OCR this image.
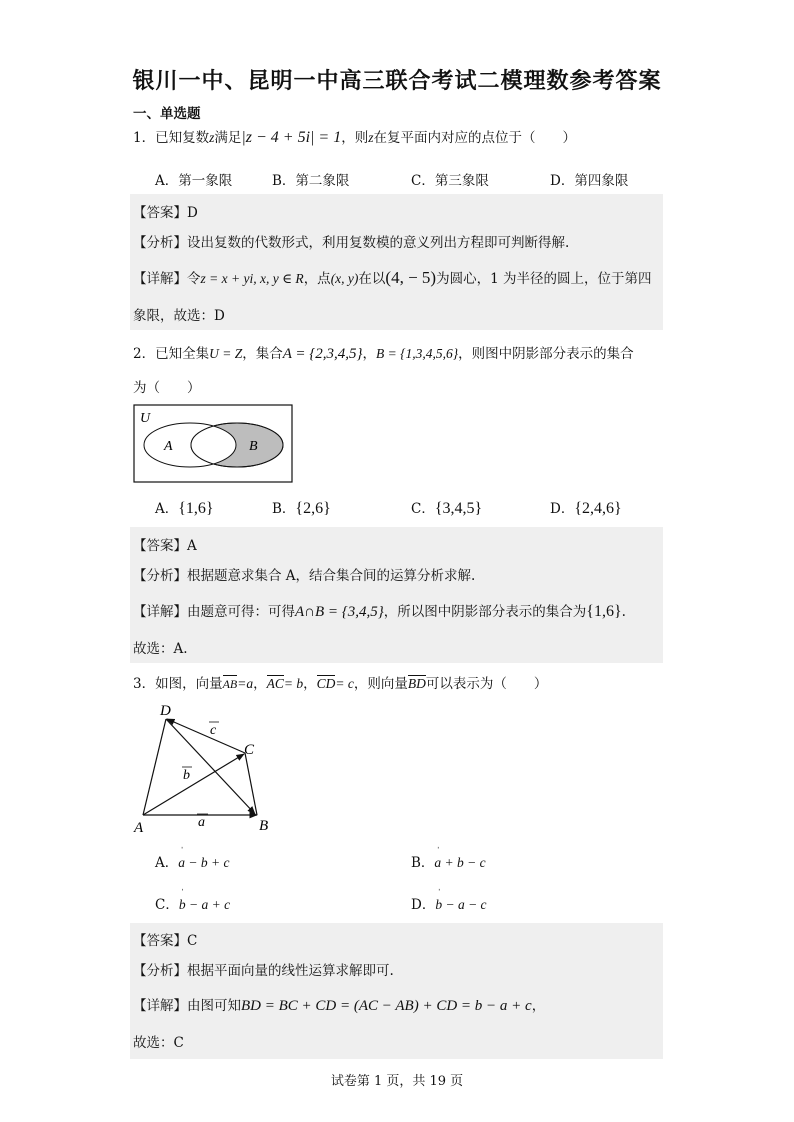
银川一中、昆明一中高三联合考试二模理数参考答案
一、单选题
1．已知复数z满足|z − 4 + 5i| = 1，则z在复平面内对应的点位于（　　）
A．第一象限	B．第二象限	C．第三象限	D．第四象限
【答案】D
【分析】设出复数的代数形式，利用复数模的意义列出方程即可判断得解.
【详解】令z = x + yi, x, y ∈ R，点(x, y)在以(4, − 5)为圆心，1 为半径的圆上，位于第四
象限，故选：D
2．已知全集U = Z，集合A = {2,3,4,5}，B = {1,3,4,5,6}，则图中阴影部分表示的集合
为（　　）
U
A	B
A．{1,6}	B．{2,6}	C．{3,4,5}	D．{2,4,6}
【答案】A
【分析】根据题意求集合 A，结合集合间的运算分析求解.
【详解】由题意可得：可得A∩B = {3,4,5}，所以图中阴影部分表示的集合为{1,6}.
故选：A.
3．如图，向量AB=a，AC= b，CD= c，则向量BD可以表示为（　　）
D
C
A	B
a
b
c
A．ˈ a − b + c	B．ˈ a + b − c
C．ˈ b − a + c	D．ˈ b − a − c
【答案】C
【分析】根据平面向量的线性运算求解即可.
【详解】由图可知BD = BC + CD = (AC − AB) + CD = b − a + c，
故选：C
试卷第 1 页，共 19 页
